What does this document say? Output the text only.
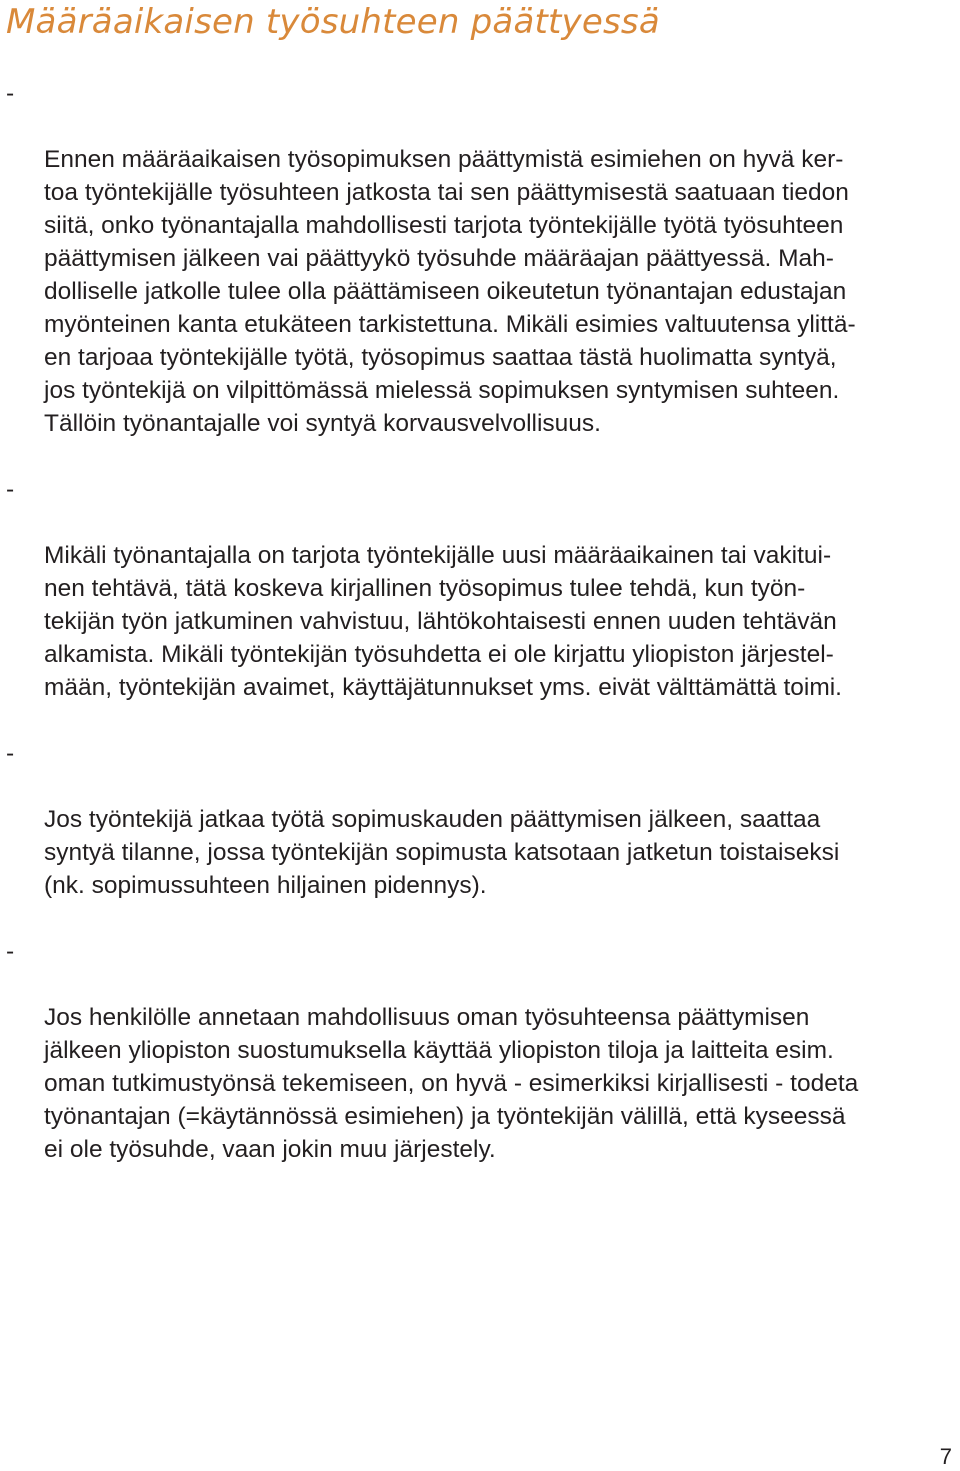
Määräaikaisen työsuhteen päättyessä

-

Ennen määräaikaisen työsopimuksen päättymistä esimiehen on hyvä ker-
toa työntekijälle työsuhteen jatkosta tai sen päättymisestä saatuaan tiedon
siitä, onko työnantajalla mahdollisesti tarjota työntekijälle työtä työsuhteen
päättymisen jälkeen vai päättyykö työsuhde määräajan päättyessä. Mah-
dolliselle jatkolle tulee olla päättämiseen oikeutetun työnantajan edustajan
myönteinen kanta etukäteen tarkistettuna. Mikäli esimies valtuutensa ylittä-
en tarjoaa työntekijälle työtä, työsopimus saattaa tästä huolimatta syntyä,
jos työntekijä on vilpittömässä mielessä sopimuksen syntymisen suhteen.
Tällöin työnantajalle voi syntyä korvausvelvollisuus.

-

Mikäli työnantajalla on tarjota työntekijälle uusi määräaikainen tai vakitui-
nen tehtävä, tätä koskeva kirjallinen työsopimus tulee tehdä, kun työn-
tekijän työn jatkuminen vahvistuu, lähtökohtaisesti ennen uuden tehtävän
alkamista. Mikäli työntekijän työsuhdetta ei ole kirjattu yliopiston järjestel-
mään, työntekijän avaimet, käyttäjätunnukset yms. eivät välttämättä toimi.

-

Jos työntekijä jatkaa työtä sopimuskauden päättymisen jälkeen, saattaa
syntyä tilanne, jossa työntekijän sopimusta katsotaan jatketun toistaiseksi
(nk. sopimussuhteen hiljainen pidennys).

-

Jos henkilölle annetaan mahdollisuus oman työsuhteensa päättymisen
jälkeen yliopiston suostumuksella käyttää yliopiston tiloja ja laitteita esim.
oman tutkimustyönsä tekemiseen, on hyvä - esimerkiksi kirjallisesti - todeta
työnantajan (=käytännössä esimiehen) ja työntekijän välillä, että kyseessä
ei ole työsuhde, vaan jokin muu järjestely.

7
